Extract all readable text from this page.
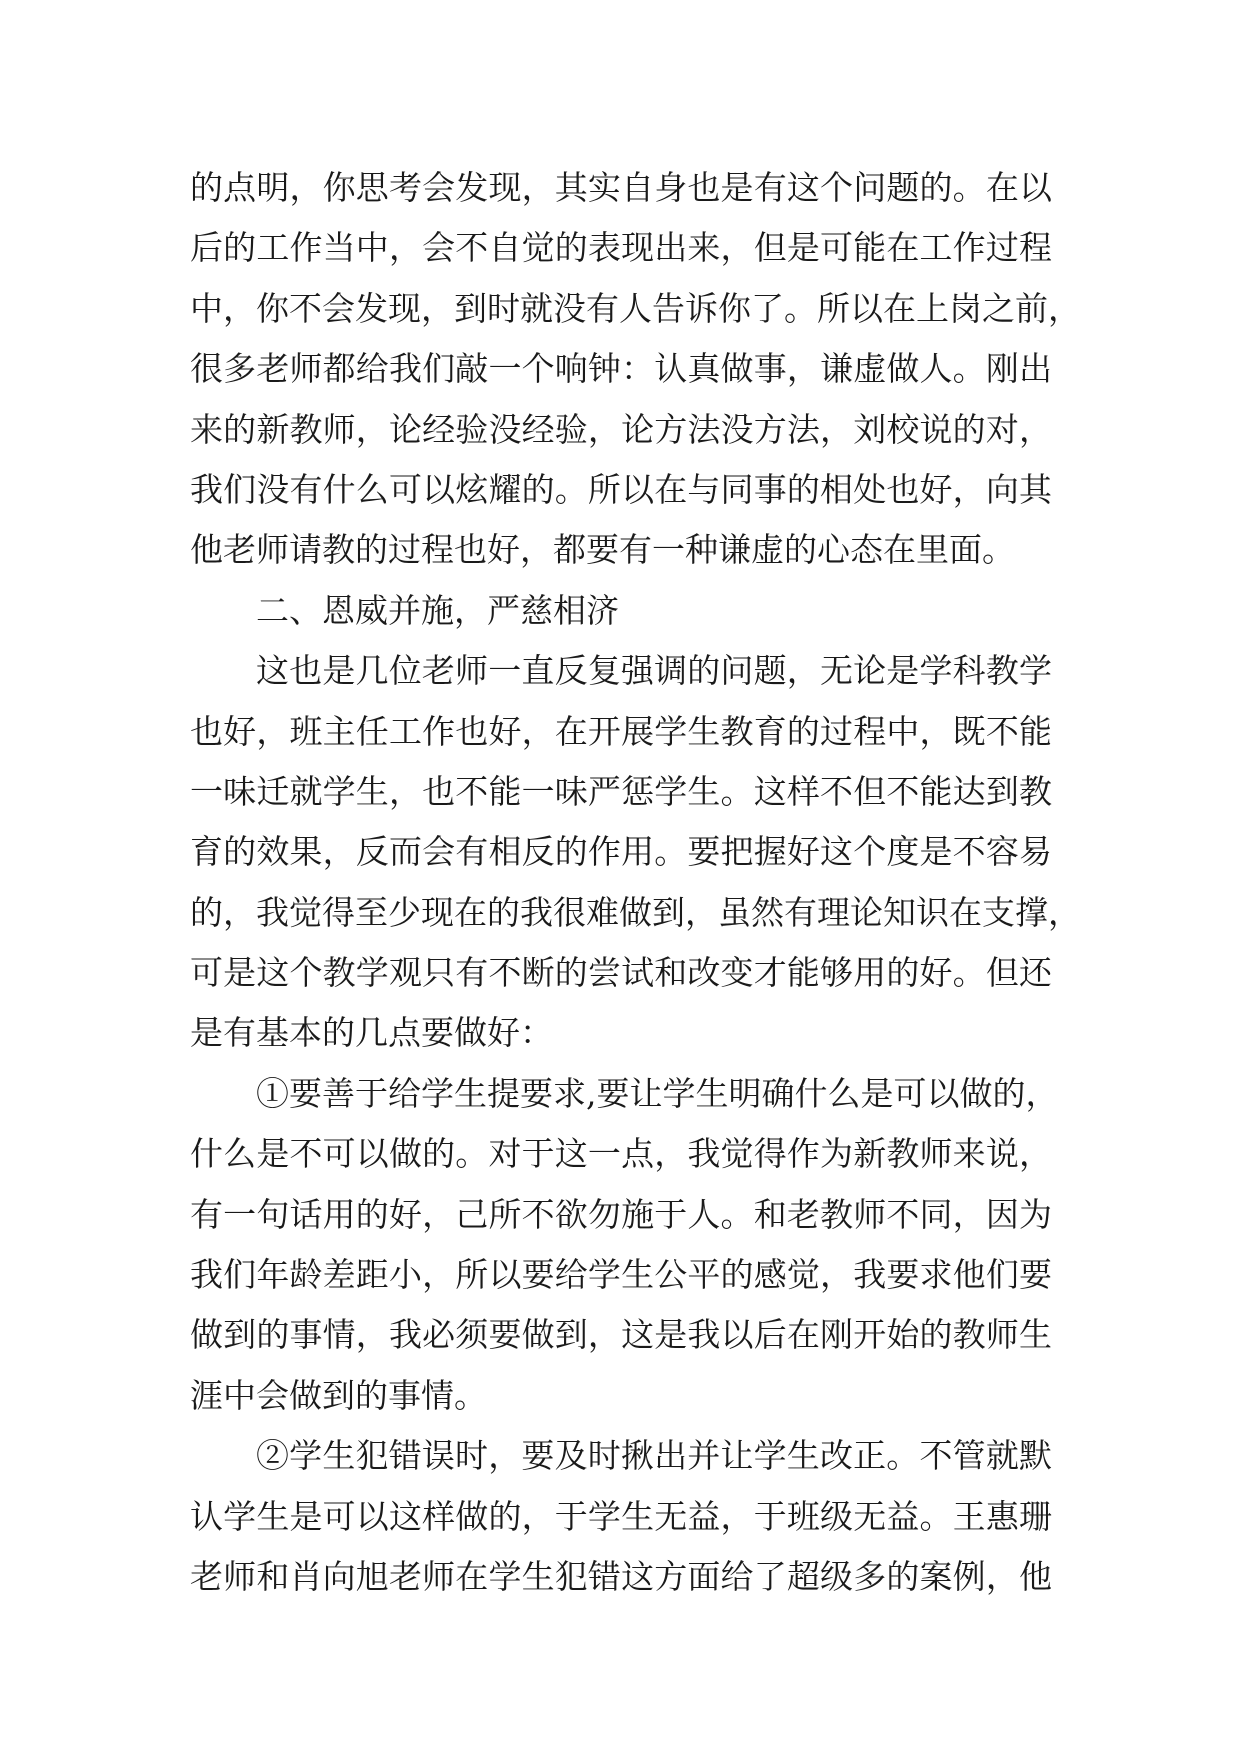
的点明，你思考会发现，其实自身也是有这个问题的。在以
后的工作当中，会不自觉的表现出来，但是可能在工作过程
中，你不会发现，到时就没有人告诉你了。所以在上岗之前，
很多老师都给我们敲一个响钟：认真做事，谦虚做人。刚出
来的新教师，论经验没经验，论方法没方法，刘校说的对，
我们没有什么可以炫耀的。所以在与同事的相处也好，向其
他老师请教的过程也好，都要有一种谦虚的心态在里面。
二、恩威并施，严慈相济
这也是几位老师一直反复强调的问题，无论是学科教学
也好，班主任工作也好，在开展学生教育的过程中，既不能
一味迁就学生，也不能一味严惩学生。这样不但不能达到教
育的效果，反而会有相反的作用。要把握好这个度是不容易
的，我觉得至少现在的我很难做到，虽然有理论知识在支撑，
可是这个教学观只有不断的尝试和改变才能够用的好。但还
是有基本的几点要做好：
①要善于给学生提要求,要让学生明确什么是可以做的，
什么是不可以做的。对于这一点，我觉得作为新教师来说，
有一句话用的好，己所不欲勿施于人。和老教师不同，因为
我们年龄差距小，所以要给学生公平的感觉，我要求他们要
做到的事情，我必须要做到，这是我以后在刚开始的教师生
涯中会做到的事情。
②学生犯错误时，要及时揪出并让学生改正。不管就默
认学生是可以这样做的，于学生无益，于班级无益。王惠珊
老师和肖向旭老师在学生犯错这方面给了超级多的案例，他
